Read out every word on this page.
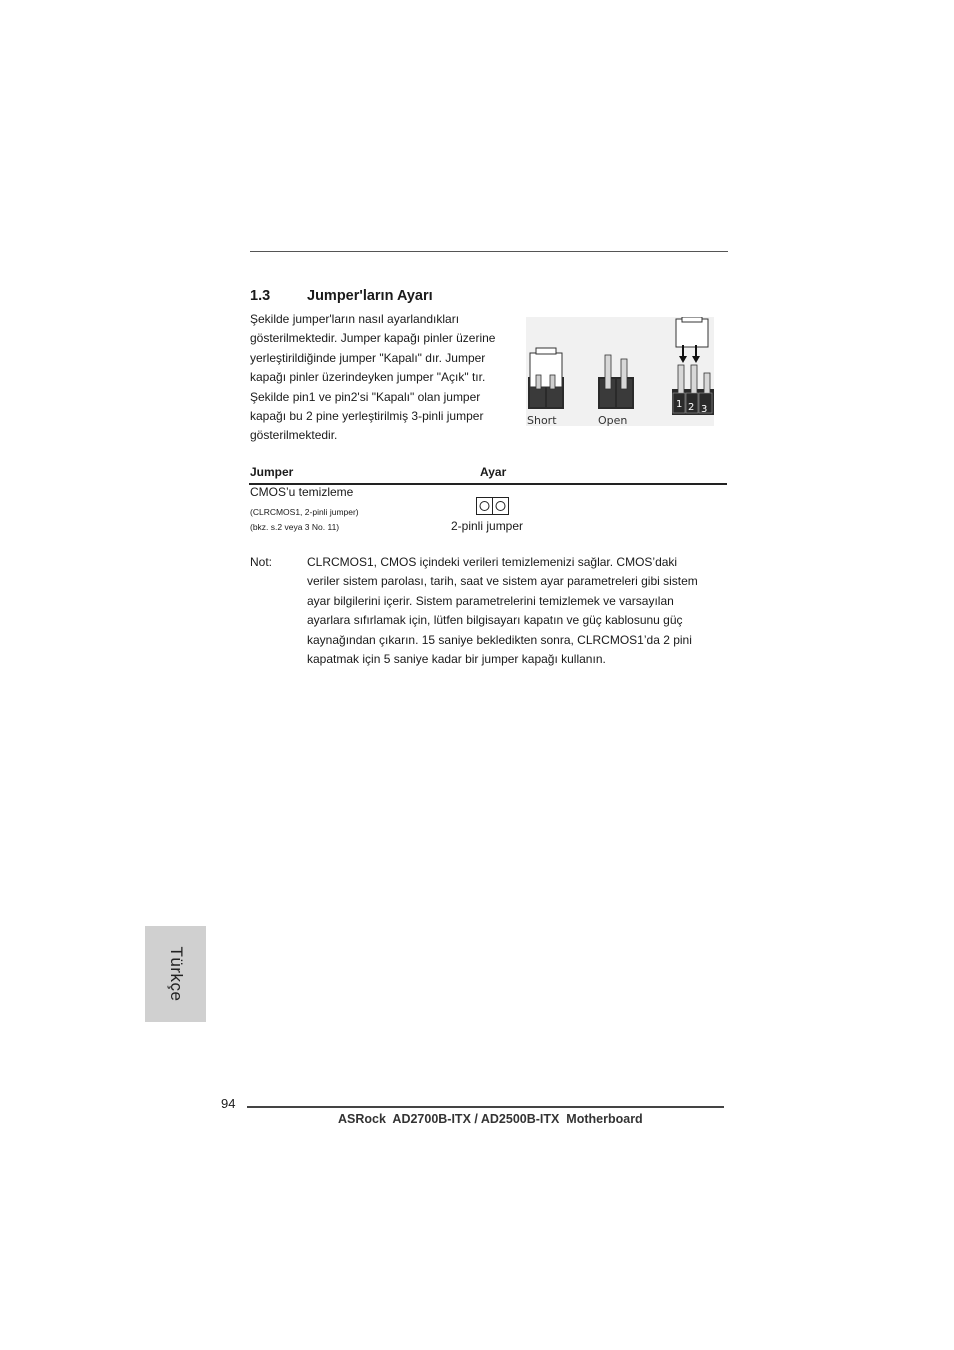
1.3	Jumper'ların Ayarı
Şekilde jumper'ların nasıl ayarlandıkları
gösterilmektedir. Jumper kapağı pinler üzerine
yerleştirildiğinde jumper "Kapalı" dır. Jumper
kapağı pinler üzerindeyken jumper "Açık" tır.
Şekilde pin1 ve pin2'si "Kapalı" olan jumper
kapağı bu 2 pine yerleştirilmiş 3-pinli jumper
gösterilmektedir.
1 2 3
Short	Open
Jumper	Ayar
CMOS’u temizleme
(CLRCMOS1, 2-pinli jumper)
(bkz. s.2 veya 3 No. 11)	2-pinli jumper
Not:	CLRCMOS1, CMOS içindeki verileri temizlemenizi sağlar. CMOS’daki
veriler sistem parolası, tarih, saat ve sistem ayar parametreleri gibi sistem
ayar bilgilerini içerir. Sistem parametrelerini temizlemek ve varsayılan
ayarlara sıfırlamak için, lütfen bilgisayarı kapatın ve güç kablosunu güç
kaynağından çıkarın. 15 saniye bekledikten sonra, CLRCMOS1’da 2 pini
kapatmak için 5 saniye kadar bir jumper kapağı kullanın.
Türkçe
94
ASRock  AD2700B-ITX / AD2500B-ITX  Motherboard
